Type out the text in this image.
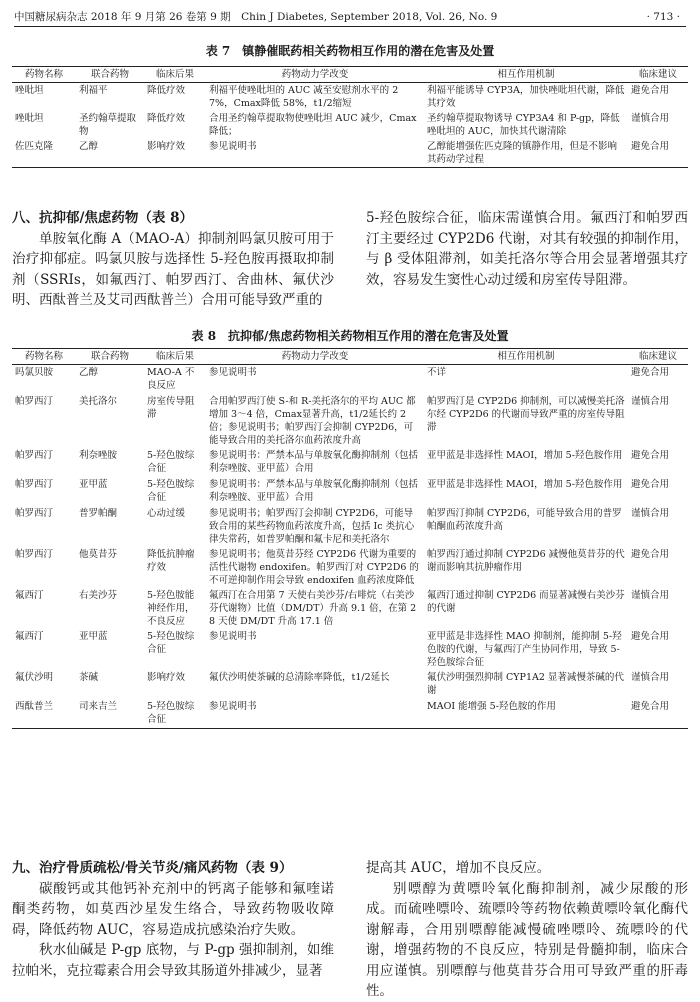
中国糖尿病杂志 2018 年 9 月第 26 卷第 9 期　Chin J Diabetes, September 2018, Vol. 26, No. 9	· 713 ·
表 7　镇静催眠药相关药物相互作用的潜在危害及处置
药物名称	联合药物	临床后果	药物动力学改变	相互作用机制	临床建议
唑吡坦	利福平	降低疗效	利福平使唑吡坦的 AUC 减至安慰剂水平的 27%，Cmax降低 58%，t1/2缩短	利福平能诱导 CYP3A，加快唑吡坦代谢，降低其疗效	避免合用
唑吡坦	圣约翰草提取物	降低疗效	合用圣约翰草提取物使唑吡坦 AUC 减少，Cmax降低；	圣约翰草提取物诱导 CYP3A4 和 P-gp，降低唑吡坦的 AUC，加快其代谢清除	谨慎合用
佐匹克隆	乙醇	影响疗效	参见说明书	乙醇能增强佐匹克隆的镇静作用，但是不影响其药动学过程	避免合用
八、抗抑郁/焦虑药物（表 8）

单胺氧化酶 A（MAO-A）抑制剂吗氯贝胺可用于治疗抑郁症。吗氯贝胺与选择性 5-羟色胺再摄取抑制剂（SSRIs，如氟西汀、帕罗西汀、舍曲林、氟伏沙明、西酞普兰及艾司西酞普兰）合用可能导致严重的

5-羟色胺综合征，临床需谨慎合用。氟西汀和帕罗西汀主要经过 CYP2D6 代谢，对其有较强的抑制作用，与 β 受体阻滞剂，如美托洛尔等合用会显著增强其疗效，容易发生窦性心动过缓和房室传导阻滞。

表 8　抗抑郁/焦虑药物相关药物相互作用的潜在危害及处置
药物名称	联合药物	临床后果	药物动力学改变	相互作用机制	临床建议
吗氯贝胺	乙醇	MAO-A 不良反应	参见说明书	不详	避免合用
帕罗西汀	美托洛尔	房室传导阻滞	合用帕罗西汀使 S-和 R-美托洛尔的平均 AUC 都增加 3～4 倍，Cmax显著升高，t1/2延长约 2 倍；参见说明书；帕罗西汀会抑制 CYP2D6，可能导致合用的美托洛尔血药浓度升高	帕罗西汀是 CYP2D6 抑制剂，可以减慢美托洛尔经 CYP2D6 的代谢而导致严重的房室传导阻滞	谨慎合用
帕罗西汀	利奈唑胺	5-羟色胺综合征	参见说明书：严禁本品与单胺氧化酶抑制剂（包括利奈唑胺、亚甲蓝）合用	亚甲蓝是非选择性 MAOI，增加 5-羟色胺作用	避免合用
帕罗西汀	亚甲蓝	5-羟色胺综合征	参见说明书：严禁本品与单胺氧化酶抑制剂（包括利奈唑胺、亚甲蓝）合用	亚甲蓝是非选择性 MAOI，增加 5-羟色胺作用	避免合用
帕罗西汀	普罗帕酮	心动过缓	参见说明书；帕罗西汀会抑制 CYP2D6，可能导致合用的某些药物血药浓度升高，包括 Ic 类抗心律失常药，如普罗帕酮和氟卡尼和美托洛尔	帕罗西汀抑制 CYP2D6，可能导致合用的普罗帕酮血药浓度升高	谨慎合用
帕罗西汀	他莫昔芬	降低抗肿瘤疗效	参见说明书；他莫昔芬经 CYP2D6 代谢为重要的活性代谢物 endoxifen。帕罗西汀对 CYP2D6 的不可逆抑制作用会导致 endoxifen 血药浓度降低	帕罗西汀通过抑制 CYP2D6 减慢他莫昔芬的代谢而影响其抗肿瘤作用	避免合用
氟西汀	右美沙芬	5-羟色胺能神经作用，不良反应	氟西汀在合用第 7 天使右美沙芬/右啡烷（右美沙芬代谢物）比值（DM/DT）升高 9.1 倍，在第 28 天使 DM/DT 升高 17.1 倍	氟西汀通过抑制 CYP2D6 而显著减慢右美沙芬的代谢	谨慎合用
氟西汀	亚甲蓝	5-羟色胺综合征	参见说明书	亚甲蓝是非选择性 MAO 抑制剂，能抑制 5-羟色胺的代谢，与氟西汀产生协同作用，导致 5-羟色胺综合征	避免合用
氟伏沙明	茶碱	影响疗效	氟伏沙明使茶碱的总清除率降低，t1/2延长	氟伏沙明强烈抑制 CYP1A2 显著减慢茶碱的代谢	谨慎合用
西酞普兰	司来吉兰	5-羟色胺综合征	参见说明书	MAOI 能增强 5-羟色胺的作用	避免合用
九、治疗骨质疏松/骨关节炎/痛风药物（表 9）

碳酸钙或其他钙补充剂中的钙离子能够和氟喹诺酮类药物，如莫西沙星发生络合，导致药物吸收障碍，降低药物 AUC，容易造成抗感染治疗失败。

秋水仙碱是 P-gp 底物，与 P-gp 强抑制剂，如维拉帕米，克拉霉素合用会导致其肠道外排减少，显著

提高其 AUC，增加不良反应。

别嘌醇为黄嘌呤氧化酶抑制剂，减少尿酸的形成。而硫唑嘌呤、巯嘌呤等药物依赖黄嘌呤氧化酶代谢解毒，合用别嘌醇能减慢硫唑嘌呤、巯嘌呤的代谢，增强药物的不良反应，特别是骨髓抑制，临床合用应谨慎。别嘌醇与他莫昔芬合用可导致严重的肝毒性。
